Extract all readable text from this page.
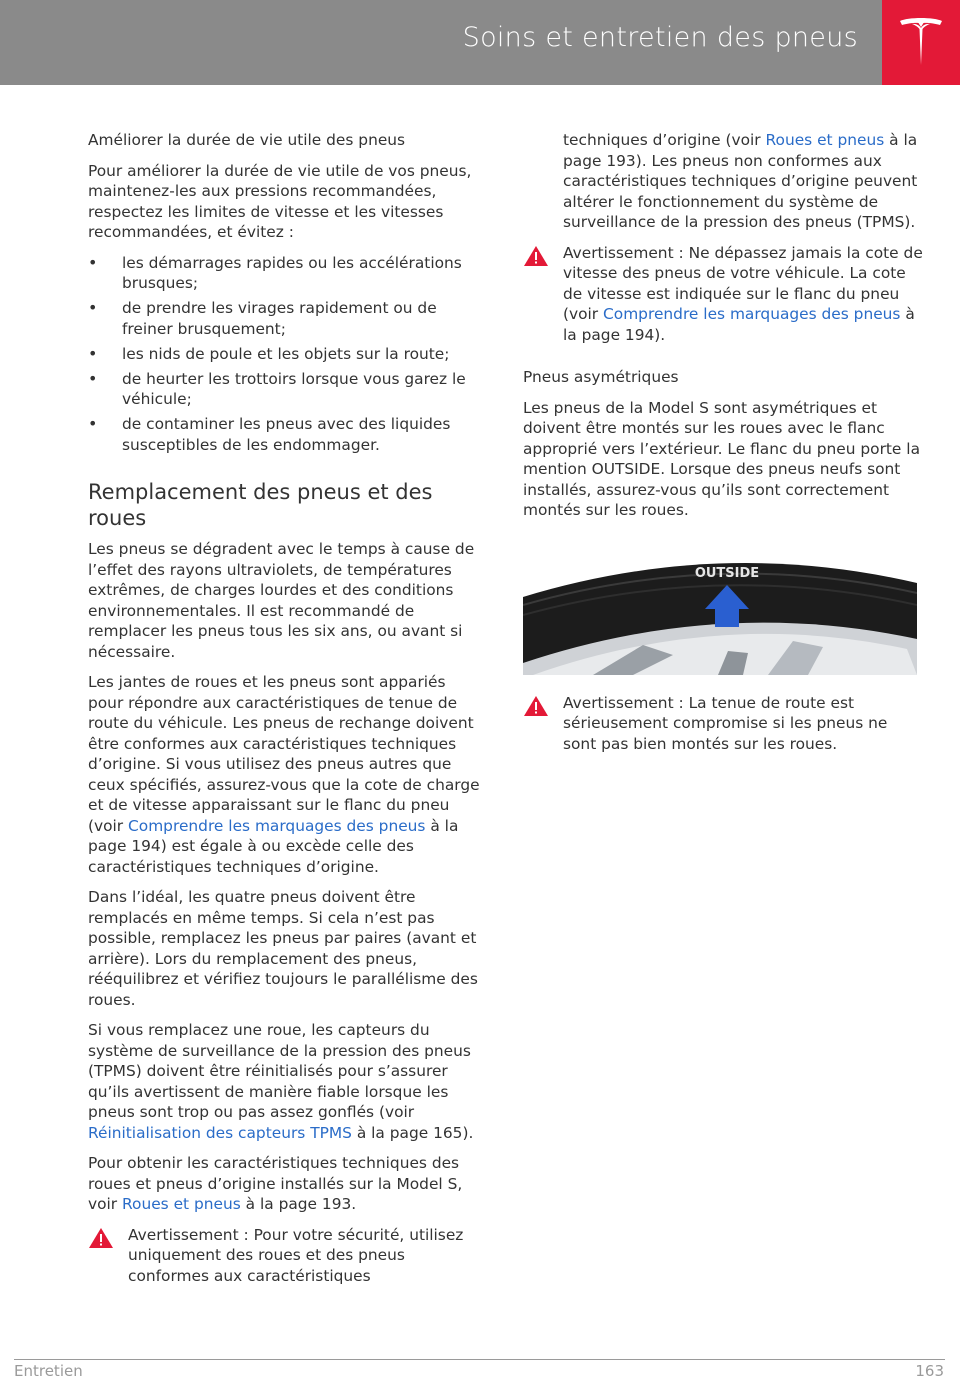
Soins et entretien des pneus

Améliorer la durée de vie utile des pneus

Pour améliorer la durée de vie utile de vos pneus, maintenez-les aux pressions recommandées, respectez les limites de vitesse et les vitesses recommandées, et évitez :

• les démarrages rapides ou les accélérations brusques;
• de prendre les virages rapidement ou de freiner brusquement;
• les nids de poule et les objets sur la route;
• de heurter les trottoirs lorsque vous garez le véhicule;
• de contaminer les pneus avec des liquides susceptibles de les endommager.
Remplacement des pneus et des roues

Les pneus se dégradent avec le temps à cause de l’effet des rayons ultraviolets, de températures extrêmes, de charges lourdes et des conditions environnementales. Il est recommandé de remplacer les pneus tous les six ans, ou avant si nécessaire.

Les jantes de roues et les pneus sont appariés pour répondre aux caractéristiques de tenue de route du véhicule. Les pneus de rechange doivent être conformes aux caractéristiques techniques d’origine. Si vous utilisez des pneus autres que ceux spécifiés, assurez-vous que la cote de charge et de vitesse apparaissant sur le flanc du pneu (voir Comprendre les marquages des pneus à la page 194) est égale à ou excède celle des caractéristiques techniques d’origine.

Dans l’idéal, les quatre pneus doivent être remplacés en même temps. Si cela n’est pas possible, remplacez les pneus par paires (avant et arrière). Lors du remplacement des pneus, rééquilibrez et vérifiez toujours le parallélisme des roues.

Si vous remplacez une roue, les capteurs du système de surveillance de la pression des pneus (TPMS) doivent être réinitialisés pour s’assurer qu’ils avertissent de manière fiable lorsque les pneus sont trop ou pas assez gonflés (voir Réinitialisation des capteurs TPMS à la page 165).

Pour obtenir les caractéristiques techniques des roues et pneus d’origine installés sur la Model S, voir Roues et pneus à la page 193.

Avertissement : Pour votre sécurité, utilisez uniquement des roues et des pneus conformes aux caractéristiques

techniques d’origine (voir Roues et pneus à la page 193). Les pneus non conformes aux caractéristiques techniques d’origine peuvent altérer le fonctionnement du système de surveillance de la pression des pneus (TPMS).

Avertissement : Ne dépassez jamais la cote de vitesse des pneus de votre véhicule. La cote de vitesse est indiquée sur le flanc du pneu (voir Comprendre les marquages des pneus à la page 194).

Pneus asymétriques

Les pneus de la Model S sont asymétriques et doivent être montés sur les roues avec le flanc approprié vers l’extérieur. Le flanc du pneu porte la mention OUTSIDE. Lorsque des pneus neufs sont installés, assurez-vous qu’ils sont correctement montés sur les roues.

OUTSIDE
Avertissement : La tenue de route est sérieusement compromise si les pneus ne sont pas bien montés sur les roues.
Entretien	163
